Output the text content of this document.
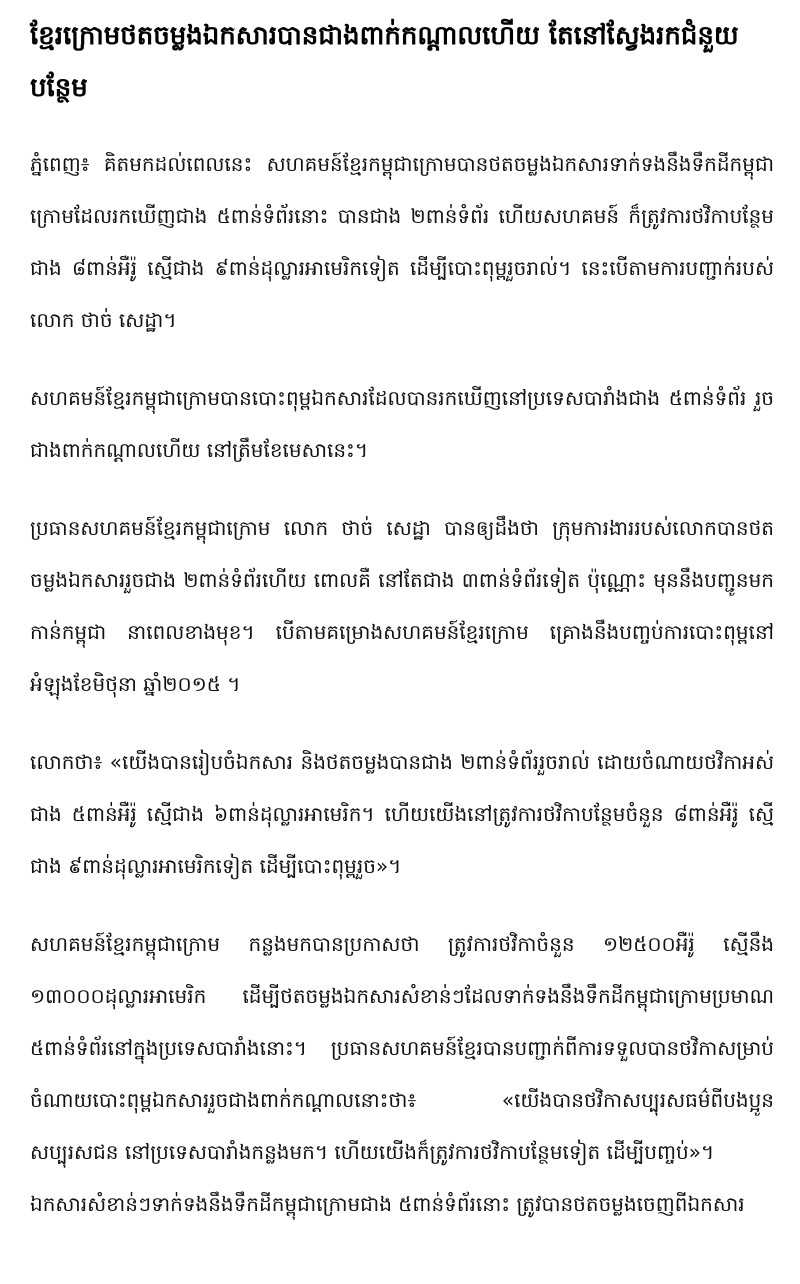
ខ្មែរក្រោមថតចម្លងឯកសារបានជាងពាក់កណ្តាលហើយ តែនៅស្វែងរកជំនួយបន្ថែម

ភ្នំពេញ៖ គិតមកដល់ពេលនេះ សហគមន៍ខ្មែរកម្ពុជាក្រោមបានថតចម្លងឯកសារទាក់ទងនឹងទឹកដីកម្ពុជាក្រោមដែលរកឃើញជាង ៥ពាន់ទំព័រនោះ បានជាង ២ពាន់ទំព័រ ហើយសហគមន៍ ក៏ត្រូវការថវិកាបន្ថែមជាង ៨ពាន់អឺរ៉ូ ស្មើជាង ៩ពាន់ដុល្លារអាមេរិកទៀត ដើម្បីបោះពុម្ពរួចរាល់។ នេះបើតាមការបញ្ជាក់របស់លោក ថាច់ សេដ្ឋា។

សហគមន៍ខ្មែរកម្ពុជាក្រោមបានបោះពុម្ពឯកសារដែលបានរកឃើញនៅប្រទេសបារាំងជាង ៥ពាន់ទំព័រ រួចជាងពាក់កណ្តាលហើយ នៅត្រឹមខែមេសានេះ។

ប្រធានសហគមន៍ខ្មែរកម្ពុជាក្រោម លោក ថាច់ សេដ្ឋា បានឲ្យដឹងថា ក្រុមការងាររបស់លោកបានថតចម្លងឯកសាររួចជាង ២ពាន់ទំព័រហើយ ពោលគឺ នៅតែជាង ៣ពាន់ទំព័រទៀត ប៉ុណ្ណោះ មុននឹងបញ្ជូនមកកាន់កម្ពុជា នាពេលខាងមុខ។ បើតាមគម្រោងសហគមន៍ខ្មែរក្រោម គ្រោងនឹងបញ្ចប់ការបោះពុម្ពនៅអំឡុងខែមិថុនា ឆ្នាំ២០១៥ ។

លោកថា៖ «យើងបានរៀបចំឯកសារ និងថតចម្លងបានជាង ២ពាន់ទំព័ររួចរាល់ ដោយចំណាយថវិកាអស់ជាង ៥ពាន់អឺរ៉ូ ស្មើជាង ៦ពាន់ដុល្លារអាមេរិក។ ហើយយើងនៅត្រូវការថវិកាបន្ថែមចំនួន ៨ពាន់អឺរ៉ូ ស្មើជាង ៩ពាន់ដុល្លារអាមេរិកទៀត ដើម្បីបោះពុម្ពរួច»។

សហគមន៍ខ្មែរកម្ពុជាក្រោម កន្លងមកបានប្រកាសថា ត្រូវការថវិកាចំនួន ១២៥០០អឺរ៉ូ ស្មើនឹង ១៣០០០ដុល្លារអាមេរិក ដើម្បីថតចម្លងឯកសារសំខាន់ៗដែលទាក់ទងនឹងទឹកដីកម្ពុជាក្រោមប្រមាណ ៥ពាន់ទំព័រនៅក្នុងប្រទេសបារាំងនោះ។ ប្រធានសហគមន៍ខ្មែរបានបញ្ជាក់ពីការទទួលបានថវិកាសម្រាប់ចំណាយបោះពុម្ពឯកសាររួចជាងពាក់កណ្តាលនោះថា៖ «យើងបានថវិកាសប្បុរសធម៌ពីបងប្អូនសប្បុរសជន នៅប្រទេសបារាំងកន្លងមក។ ហើយយើងក៏ត្រូវការថវិកាបន្ថែមទៀត ដើម្បីបញ្ចប់»។

ឯកសារសំខាន់ៗទាក់ទងនឹងទឹកដីកម្ពុជាក្រោមជាង ៥ពាន់ទំព័រនោះ ត្រូវបានថតចម្លងចេញពីឯកសារ
